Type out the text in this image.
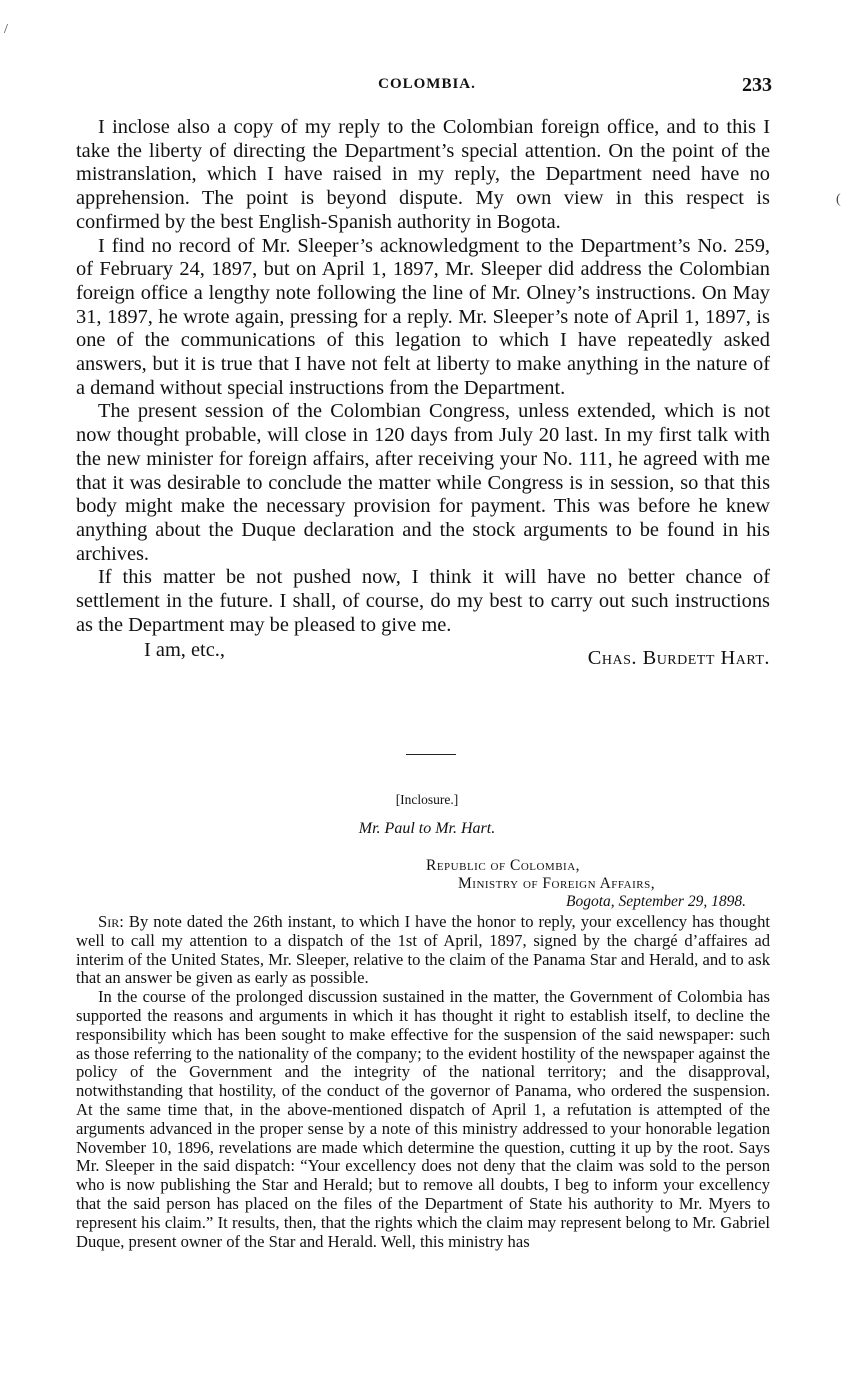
/
(
COLOMBIA.	233

I inclose also a copy of my reply to the Colombian foreign office, and to this I take the liberty of directing the Department’s special attention. On the point of the mistranslation, which I have raised in my reply, the Department need have no apprehension. The point is beyond dispute. My own view in this respect is confirmed by the best English-Spanish authority in Bogota.

I find no record of Mr. Sleeper’s acknowledgment to the Department’s No. 259, of February 24, 1897, but on April 1, 1897, Mr. Sleeper did address the Colombian foreign office a lengthy note following the line of Mr. Olney’s instructions. On May 31, 1897, he wrote again, pressing for a reply. Mr. Sleeper’s note of April 1, 1897, is one of the communications of this legation to which I have repeatedly asked answers, but it is true that I have not felt at liberty to make anything in the nature of a demand without special instructions from the Department.

The present session of the Colombian Congress, unless extended, which is not now thought probable, will close in 120 days from July 20 last. In my first talk with the new minister for foreign affairs, after receiving your No. 111, he agreed with me that it was desirable to conclude the matter while Congress is in session, so that this body might make the necessary provision for payment. This was before he knew anything about the Duque declaration and the stock arguments to be found in his archives.

If this matter be not pushed now, I think it will have no better chance of settlement in the future. I shall, of course, do my best to carry out such instructions as the Department may be pleased to give me.

I am, etc.,	Chas. Burdett Hart.
[Inclosure.]
Mr. Paul to Mr. Hart.
Republic of Colombia,
Ministry of Foreign Affairs,
Bogota, September 29, 1898.

Sir: By note dated the 26th instant, to which I have the honor to reply, your excellency has thought well to call my attention to a dispatch of the 1st of April, 1897, signed by the chargé d’affaires ad interim of the United States, Mr. Sleeper, relative to the claim of the Panama Star and Herald, and to ask that an answer be given as early as possible.

In the course of the prolonged discussion sustained in the matter, the Government of Colombia has supported the reasons and arguments in which it has thought it right to establish itself, to decline the responsibility which has been sought to make effective for the suspension of the said newspaper: such as those referring to the nationality of the company; to the evident hostility of the newspaper against the policy of the Government and the integrity of the national territory; and the disapproval, notwithstanding that hostility, of the conduct of the governor of Panama, who ordered the suspension. At the same time that, in the above-mentioned dispatch of April 1, a refutation is attempted of the arguments advanced in the proper sense by a note of this ministry addressed to your honorable legation November 10, 1896, revelations are made which determine the question, cutting it up by the root. Says Mr. Sleeper in the said dispatch: “Your excellency does not deny that the claim was sold to the person who is now publishing the Star and Herald; but to remove all doubts, I beg to inform your excellency that the said person has placed on the files of the Department of State his authority to Mr. Myers to represent his claim.” It results, then, that the rights which the claim may represent belong to Mr. Gabriel Duque, present owner of the Star and Herald. Well, this ministry has
